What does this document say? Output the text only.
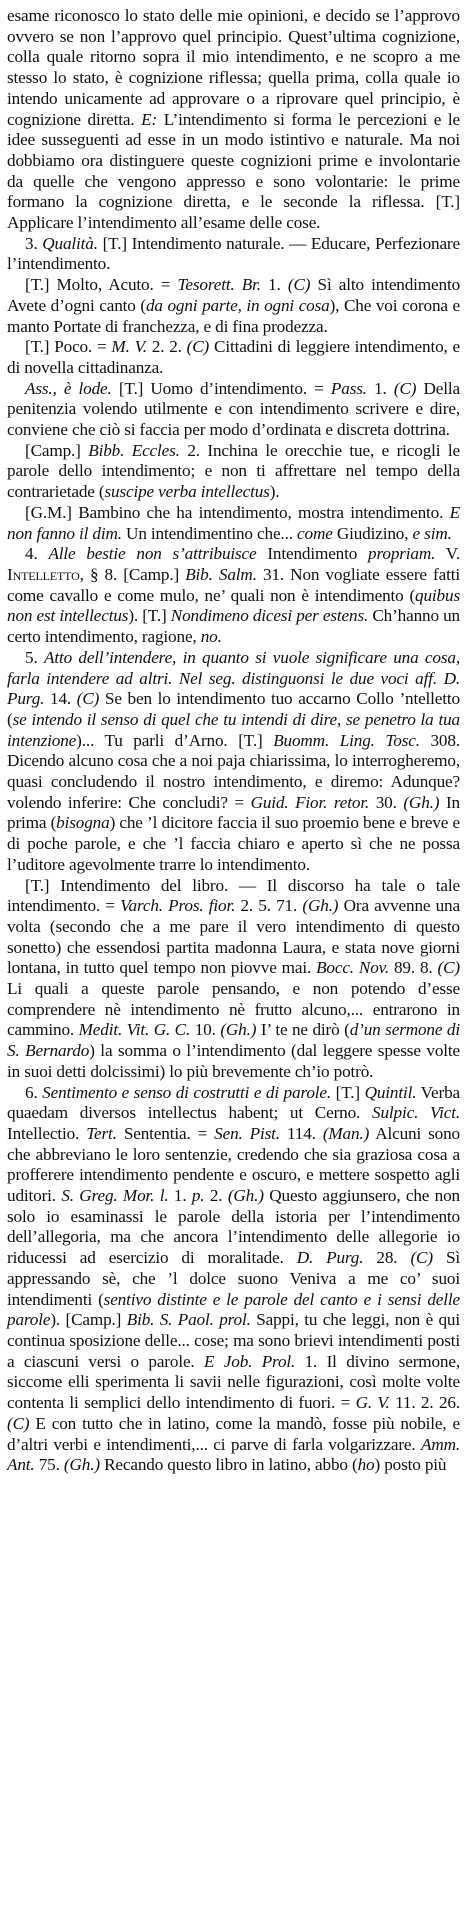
esame riconosco lo stato delle mie opinioni, e decido se l’approvo ovvero se non l’approvo quel principio. Quest’ultima cognizione, colla quale ritorno sopra il mio intendimento, e ne scopro a me stesso lo stato, è cognizione riflessa; quella prima, colla quale io intendo unicamente ad approvare o a riprovare quel principio, è cognizione diretta. E: L’intendimento si forma le percezioni e le idee susseguenti ad esse in un modo istintivo e naturale. Ma noi dobbiamo ora distinguere queste cognizioni prime e involontarie da quelle che vengono appresso e sono volontarie: le prime formano la cognizione diretta, e le seconde la riflessa. [T.] Applicare l’intendimento all’esame delle cose.

3. Qualità. [T.] Intendimento naturale. — Educare, Perfezionare l’intendimento.

[T.] Molto, Acuto. = Tesorett. Br. 1. (C) Sì alto intendimento Avete d’ogni canto (da ogni parte, in ogni cosa), Che voi corona e manto Portate di franchezza, e di fina prodezza.

[T.] Poco. = M. V. 2. 2. (C) Cittadini di leggiere intendimento, e di novella cittadinanza.

Ass., è lode. [T.] Uomo d’intendimento. = Pass. 1. (C) Della penitenzia volendo utilmente e con intendimento scrivere e dire, conviene che ciò si faccia per modo d’ordinata e discreta dottrina.

[Camp.] Bibb. Eccles. 2. Inchina le orecchie tue, e ricogli le parole dello intendimento; e non ti affrettare nel tempo della contrarietade (suscipe verba intellectus).

[G.M.] Bambino che ha intendimento, mostra intendimento. E non fanno il dim. Un intendimentino che... come Giudizino, e sim.

4. Alle bestie non s’attribuisce Intendimento propriam. V. Intelletto, § 8. [Camp.] Bib. Salm. 31. Non vogliate essere fatti come cavallo e come mulo, ne’ quali non è intendimento (quibus non est intellectus). [T.] Nondimeno dicesi per estens. Ch’hanno un certo intendimento, ragione, no.

5. Atto dell’intendere, in quanto si vuole significare una cosa, farla intendere ad altri. Nel seg. distinguonsi le due voci aff. D. Purg. 14. (C) Se ben lo intendimento tuo accarno Collo ’ntelletto (se intendo il senso di quel che tu intendi di dire, se penetro la tua intenzione)... Tu parli d’Arno. [T.] Buomm. Ling. Tosc. 308. Dicendo alcuno cosa che a noi paja chiarissima, lo interrogheremo, quasi concludendo il nostro intendimento, e diremo: Adunque? volendo inferire: Che concludi? = Guid. Fior. retor. 30. (Gh.) In prima (bisogna) che ’l dicitore faccia il suo proemio bene e breve e di poche parole, e che ’l faccia chiaro e aperto sì che ne possa l’uditore agevolmente trarre lo intendimento.

[T.] Intendimento del libro. — Il discorso ha tale o tale intendimento. = Varch. Pros. fior. 2. 5. 71. (Gh.) Ora avvenne una volta (secondo che a me pare il vero intendimento di questo sonetto) che essendosi partita madonna Laura, e stata nove giorni lontana, in tutto quel tempo non piovve mai. Bocc. Nov. 89. 8. (C) Li quali a queste parole pensando, e non potendo d’esse comprendere nè intendimento nè frutto alcuno,... entrarono in cammino. Medit. Vit. G. C. 10. (Gh.) I’ te ne dirò (d’un sermone di S. Bernardo) la somma o l’intendimento (dal leggere spesse volte in suoi detti dolcissimi) lo più brevemente ch’io potrò.

6. Sentimento e senso di costrutti e di parole. [T.] Quintil. Verba quaedam diversos intellectus habent; ut Cerno. Sulpic. Vict. Intellectio. Tert. Sententia. = Sen. Pist. 114. (Man.) Alcuni sono che abbreviano le loro sentenzie, credendo che sia graziosa cosa a profferere intendimento pendente e oscuro, e mettere sospetto agli uditori. S. Greg. Mor. l. 1. p. 2. (Gh.) Questo aggiunsero, che non solo io esaminassi le parole della istoria per l’intendimento dell’allegoria, ma che ancora l’intendimento delle allegorie io riducessi ad esercizio di moralitade. D. Purg. 28. (C) Sì appressando sè, che ’l dolce suono Veniva a me co’ suoi intendimenti (sentivo distinte e le parole del canto e i sensi delle parole). [Camp.] Bib. S. Paol. prol. Sappi, tu che leggi, non è qui continua sposizione delle... cose; ma sono brievi intendimenti posti a ciascuni versi o parole. E Job. Prol. 1. Il divino sermone, siccome elli sperimenta li savii nelle figurazioni, così molte volte contenta li semplici dello intendimento di fuori. = G. V. 11. 2. 26. (C) E con tutto che in latino, come la mandò, fosse più nobile, e d’altri verbi e intendimenti,... ci parve di farla volgarizzare. Amm. Ant. 75. (Gh.) Recando questo libro in latino, abbo (ho) posto più
